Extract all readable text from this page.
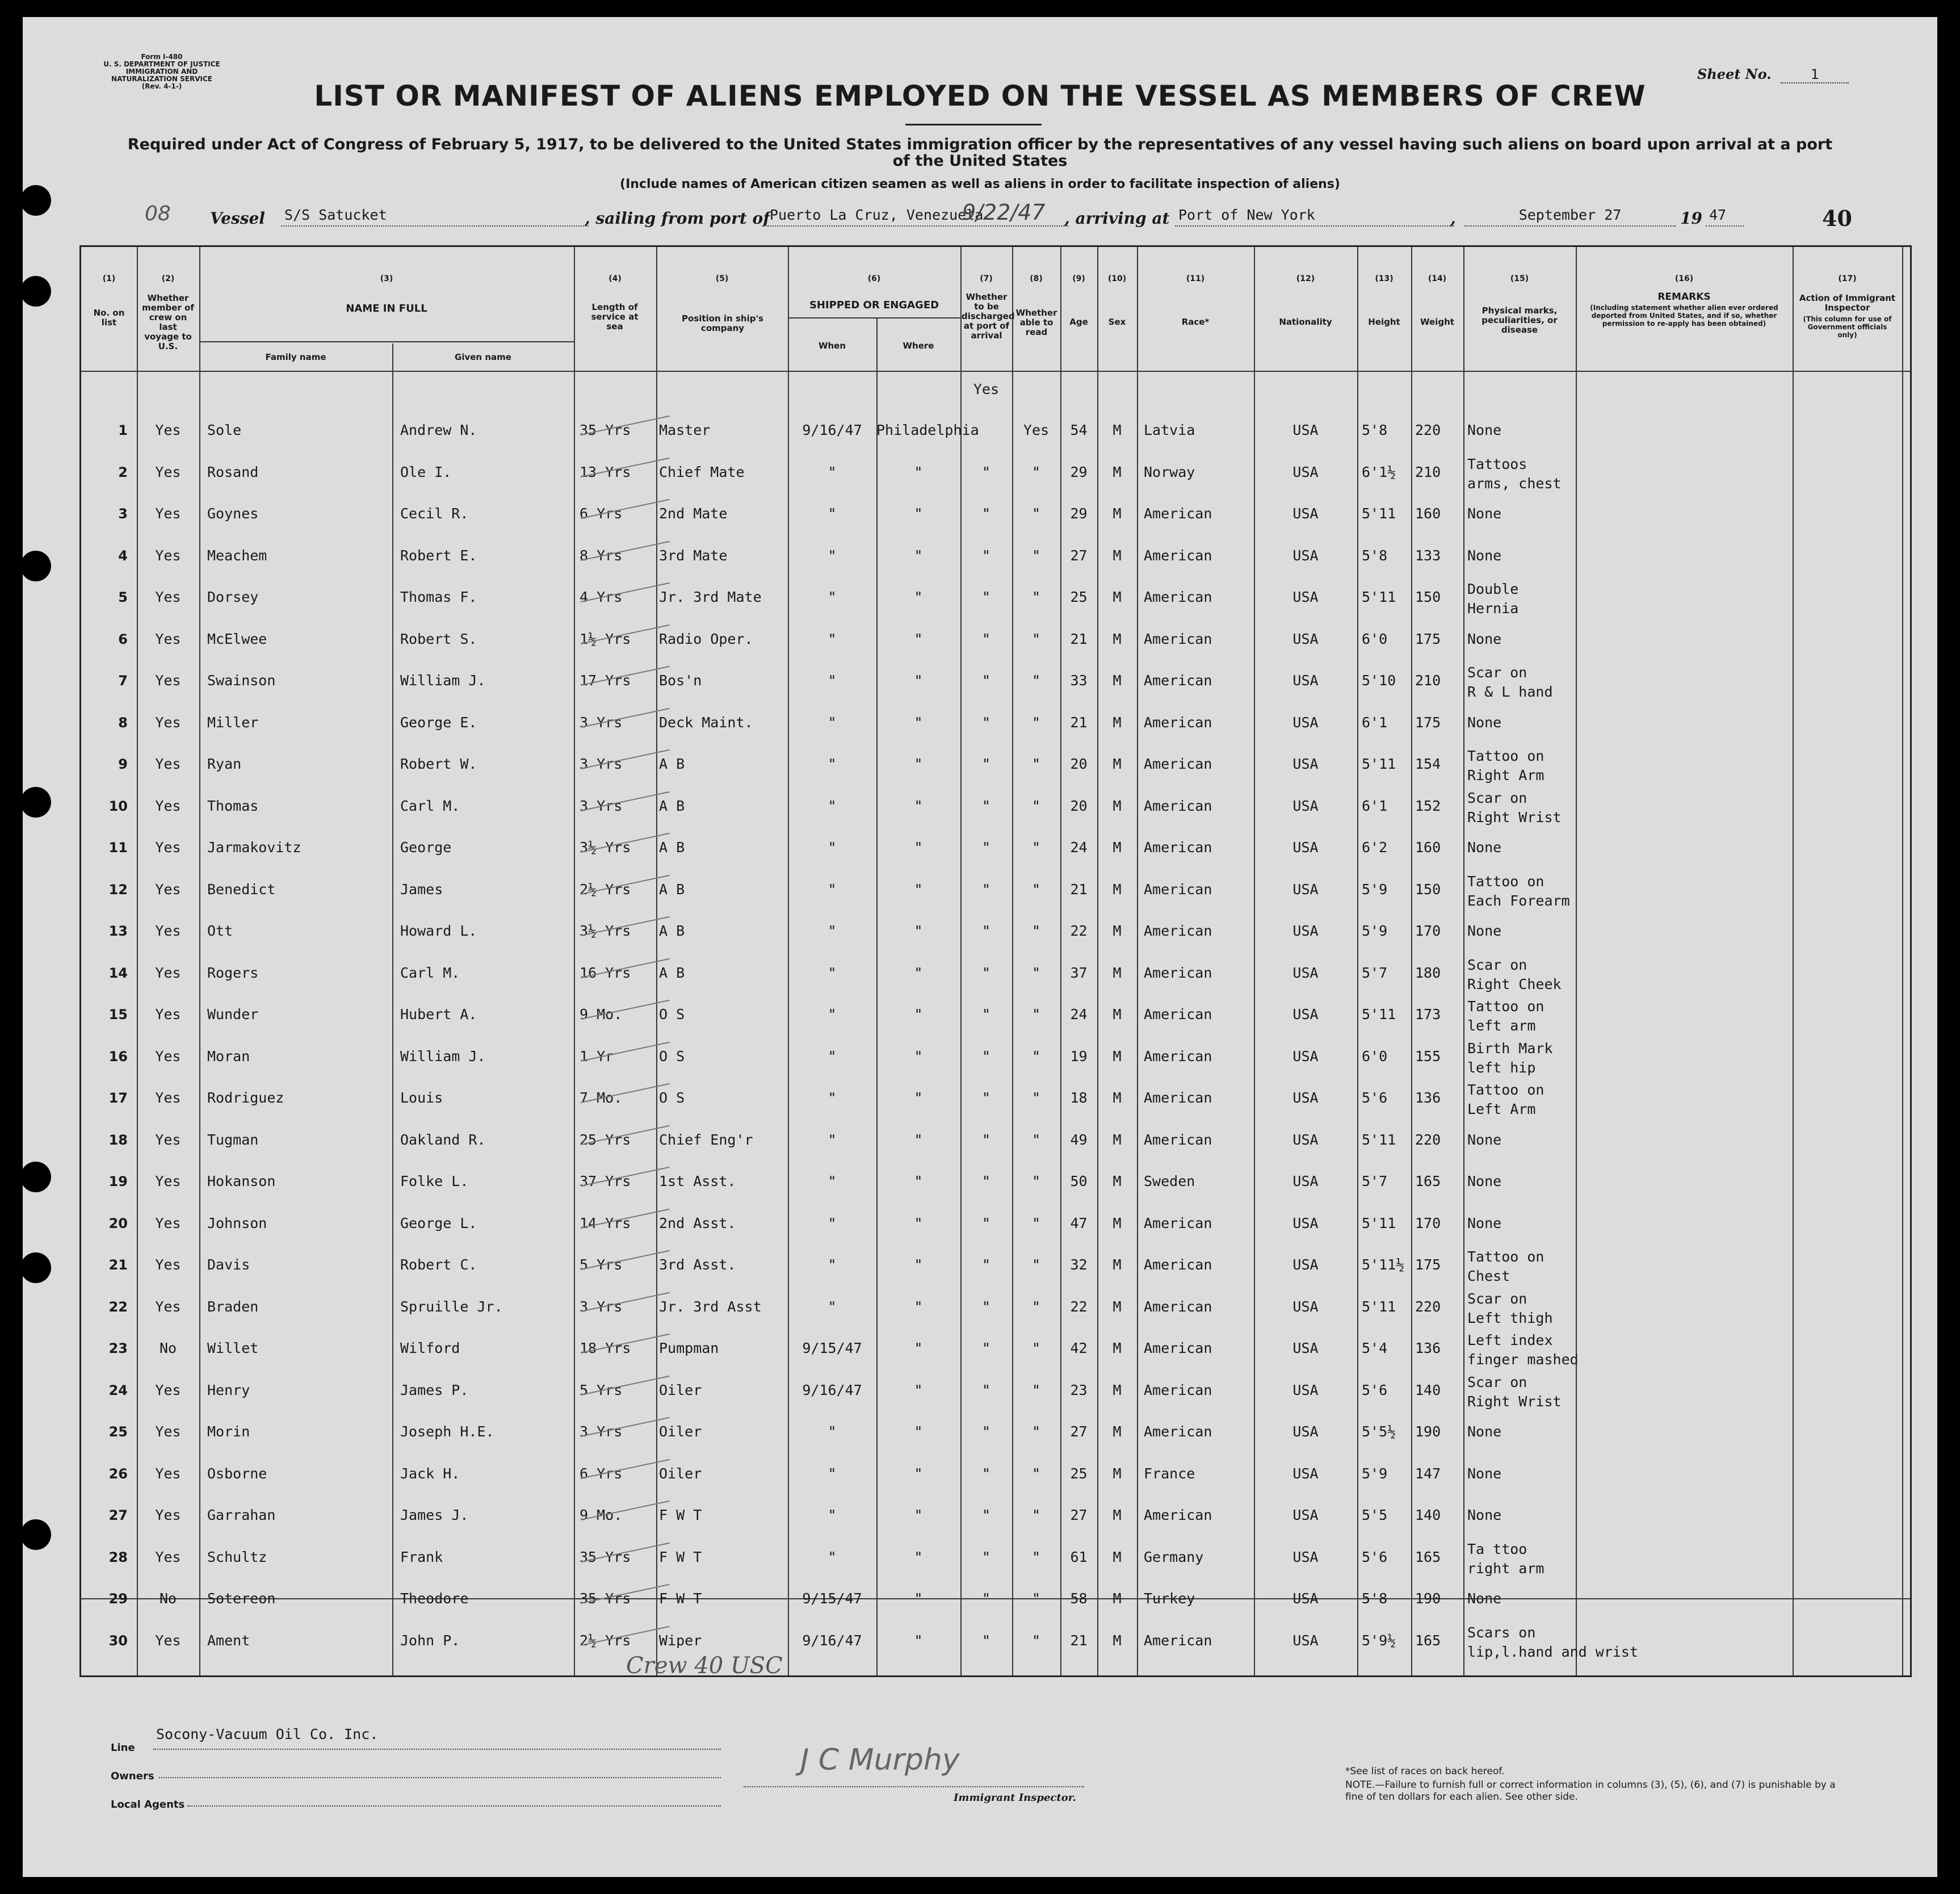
Form I-480
U. S. DEPARTMENT OF JUSTICE
IMMIGRATION AND NATURALIZATION SERVICE
(Rev. 4-1-)
Sheet No.	1
LIST OR MANIFEST OF ALIENS EMPLOYED ON THE VESSEL AS MEMBERS OF CREW
Required under Act of Congress of February 5, 1917, to be delivered to the United States immigration officer by the representatives of any vessel having such aliens on board upon arrival at a port of the United States
(Include names of American citizen seamen as well as aliens in order to facilitate inspection of aliens)
08 Vessel S/S Satucket	, sailing from port of Puerto La Cruz, Venezuela
9/22/47 , arriving at Port of New York	,	September 27	19 47	40
(1)	(2)	(3)	(4)	(5)	(6)	(7)	(8)	(9)	(10)	(11)	(12)	(13)	(14)	(15)	(16)	(17)
No. on list
Whether member of crew on last voyage to U.S.
NAME IN FULL
Family name	Given name
Length of service at sea
Position in ship's company
SHIPPED OR ENGAGED
When	Where
Whether to be discharged at port of arrival
Whether able to read
Age	Sex	Race*	Nationality	Height	Weight
Physical marks, peculiarities, or disease
REMARKS
(Including statement whether alien ever ordered deported from United States, and if so, whether permission to re-apply has been obtained)
Action of Immigrant Inspector
(This column for use of Government officials only)
Yes
1	Yes	Sole	Andrew N.	35 Yrs	Master	9/16/47	Philadelphia	Yes	54	M	Latvia	USA	5'8	220	None
2	Yes	Rosand	Ole I.	13 Yrs	Chief Mate	"	"	"	"	29	M	Norway	USA	6'1½	210	Tattoos
arms, chest
3	Yes	Goynes	Cecil R.	6 Yrs	2nd Mate	"	"	"	"	29	M	American	USA	5'11	160	None
4	Yes	Meachem	Robert E.	8 Yrs	3rd Mate	"	"	"	"	27	M	American	USA	5'8	133	None
5	Yes	Dorsey	Thomas F.	4 Yrs	Jr. 3rd Mate	"	"	"	"	25	M	American	USA	5'11	150	Double
Hernia
6	Yes	McElwee	Robert S.	1½ Yrs	Radio Oper.	"	"	"	"	21	M	American	USA	6'0	175	None
7	Yes	Swainson	William J.	17 Yrs	Bos'n	"	"	"	"	33	M	American	USA	5'10	210	Scar on
R & L hand
8	Yes	Miller	George E.	3 Yrs	Deck Maint.	"	"	"	"	21	M	American	USA	6'1	175	None
9	Yes	Ryan	Robert W.	3 Yrs	A B	"	"	"	"	20	M	American	USA	5'11	154	Tattoo on
Right Arm
10	Yes	Thomas	Carl M.	3 Yrs	A B	"	"	"	"	20	M	American	USA	6'1	152	Scar on
Right Wrist
11	Yes	Jarmakovitz	George	3½ Yrs	A B	"	"	"	"	24	M	American	USA	6'2	160	None
12	Yes	Benedict	James	2½ Yrs	A B	"	"	"	"	21	M	American	USA	5'9	150	Tattoo on
Each Forearm
13	Yes	Ott	Howard L.	3½ Yrs	A B	"	"	"	"	22	M	American	USA	5'9	170	None
14	Yes	Rogers	Carl M.	16 Yrs	A B	"	"	"	"	37	M	American	USA	5'7	180	Scar on
Right Cheek
15	Yes	Wunder	Hubert A.	9 Mo.	O S	"	"	"	"	24	M	American	USA	5'11	173	Tattoo on
left arm
16	Yes	Moran	William J.	1 Yr	O S	"	"	"	"	19	M	American	USA	6'0	155	Birth Mark
left hip
17	Yes	Rodriguez	Louis	7 Mo.	O S	"	"	"	"	18	M	American	USA	5'6	136	Tattoo on
Left Arm
18	Yes	Tugman	Oakland R.	25 Yrs	Chief Eng'r	"	"	"	"	49	M	American	USA	5'11	220	None
19	Yes	Hokanson	Folke L.	37 Yrs	1st Asst.	"	"	"	"	50	M	Sweden	USA	5'7	165	None
20	Yes	Johnson	George L.	14 Yrs	2nd Asst.	"	"	"	"	47	M	American	USA	5'11	170	None
21	Yes	Davis	Robert C.	5 Yrs	3rd Asst.	"	"	"	"	32	M	American	USA	5'11½ 175	Tattoo on
Chest
22	Yes	Braden	Spruille Jr.	3 Yrs	Jr. 3rd Asst	"	"	"	"	22	M	American	USA	5'11	220	Scar on
Left thigh
23	No	Willet	Wilford	18 Yrs	Pumpman	9/15/47	"	"	"	42	M	American	USA	5'4	136	Left index
finger mashed
24	Yes	Henry	James P.	5 Yrs	Oiler	9/16/47	"	"	"	23	M	American	USA	5'6	140	Scar on
Right Wrist
25	Yes	Morin	Joseph H.E.	3 Yrs	Oiler	"	"	"	"	27	M	American	USA	5'5½	190	None
26	Yes	Osborne	Jack H.	6 Yrs	Oiler	"	"	"	"	25	M	France	USA	5'9	147	None
27	Yes	Garrahan	James J.	9 Mo.	F W T	"	"	"	"	27	M	American	USA	5'5	140	None
28	Yes	Schultz	Frank	35 Yrs	F W T	"	"	"	"	61	M	Germany	USA	5'6	165	Ta ttoo
right arm
29	No	Sotereon	Theodore	35 Yrs	F W T	9/15/47	"	"	"	58	M	Turkey	USA	5'8	190	None
30	Yes	Ament	John P.	2½ Yrs	Wiper	9/16/47	"	"	"	21	M	American	USA	5'9½	165	Scars on
lip,l.hand and wrist
Crew 40 USC
Line
Socony-Vacuum Oil Co. Inc.
Owners
Local Agents
J C Murphy
Immigrant Inspector.
*See list of races on back hereof.
NOTE.—Failure to furnish full or correct information in columns (3), (5), (6), and (7) is punishable by a fine of ten dollars for each alien. See other side.
